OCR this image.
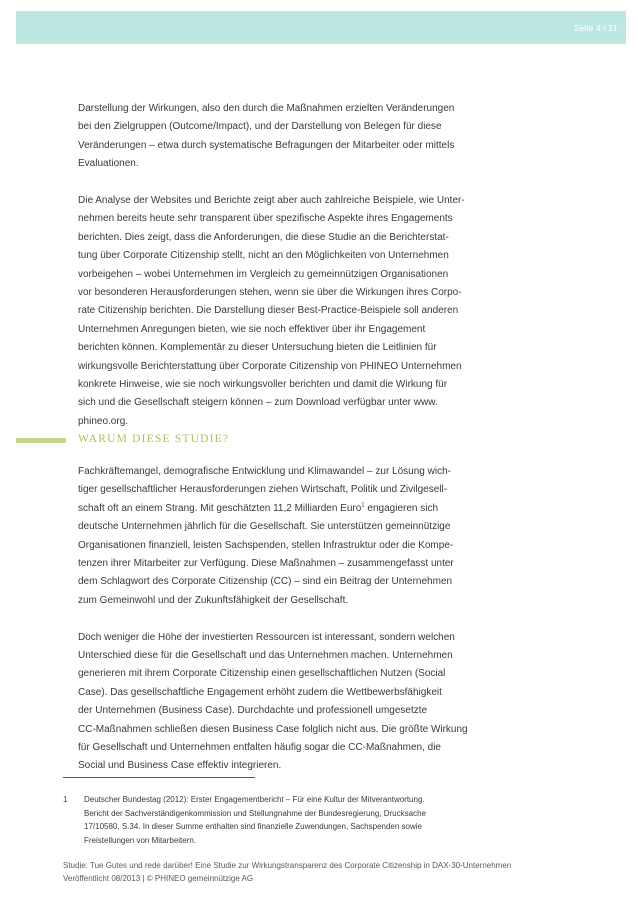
Seite 4 / 21

Darstellung der Wirkungen, also den durch die Maßnahmen erzielten Veränderungen
bei den Zielgruppen (Outcome/Impact), und der Darstellung von Belegen für diese
Veränderungen – etwa durch systematische Befragungen der Mitarbeiter oder mittels
Evaluationen.

Die Analyse der Websites und Berichte zeigt aber auch zahlreiche Beispiele, wie Unter-
nehmen bereits heute sehr transparent über spezifische Aspekte ihres Engagements
berichten. Dies zeigt, dass die Anforderungen, die diese Studie an die Berichterstat-
tung über Corporate Citizenship stellt, nicht an den Möglichkeiten von Unternehmen
vorbeigehen – wobei Unternehmen im Vergleich zu gemeinnützigen Organisationen
vor besonderen Herausforderungen stehen, wenn sie über die Wirkungen ihres Corpo-
rate Citizenship berichten. Die Darstellung dieser Best-Practice-Beispiele soll anderen
Unternehmen Anregungen bieten, wie sie noch effektiver über ihr Engagement
berichten können. Komplementär zu dieser Untersuchung bieten die Leitlinien für
wirkungsvolle Berichterstattung über Corporate Citizenship von PHINEO Unternehmen
konkrete Hinweise, wie sie noch wirkungsvoller berichten und damit die Wirkung für
sich und die Gesellschaft steigern können – zum Download verfügbar unter www.
phineo.org.

WARUM DIESE STUDIE?

Fachkräftemangel, demografische Entwicklung und Klimawandel – zur Lösung wich-
tiger gesellschaftlicher Herausforderungen ziehen Wirtschaft, Politik und Zivilgesell-
schaft oft an einem Strang. Mit geschätzten 11,2 Milliarden Euro$^1$ engagieren sich
deutsche Unternehmen jährlich für die Gesellschaft. Sie unterstützen gemeinnützige
Organisationen finanziell, leisten Sachspenden, stellen Infrastruktur oder die Kompe-
tenzen ihrer Mitarbeiter zur Verfügung. Diese Maßnahmen – zusammengefasst unter
dem Schlagwort des Corporate Citizenship (CC) – sind ein Beitrag der Unternehmen
zum Gemeinwohl und der Zukunftsfähigkeit der Gesellschaft.

Doch weniger die Höhe der investierten Ressourcen ist interessant, sondern welchen
Unterschied diese für die Gesellschaft und das Unternehmen machen. Unternehmen
generieren mit ihrem Corporate Citizenship einen gesellschaftlichen Nutzen (Social
Case). Das gesellschaftliche Engagement erhöht zudem die Wettbewerbsfähigkeit
der Unternehmen (Business Case). Durchdachte und professionell umgesetzte
CC-Maßnahmen schließen diesen Business Case folglich nicht aus. Die größte Wirkung
für Gesellschaft und Unternehmen entfalten häufig sogar die CC-Maßnahmen, die
Social und Business Case effektiv integrieren.

1 Deutscher Bundestag (2012): Erster Engagementbericht – Für eine Kultur der Mitverantwortung.
Bericht der Sachverständigenkommission und Stellungnahme der Bundesregierung, Drucksache
17/10580, S.34. In dieser Summe enthalten sind finanzielle Zuwendungen, Sachspenden sowie
Freistellungen von Mitarbeitern.
Studie: Tue Gutes und rede darüber! Eine Studie zur Wirkungstransparenz des Corporate Citizenship in DAX-30-Unternehmen
Veröffentlicht 08/2013 | © PHINEO gemeinnützige AG
